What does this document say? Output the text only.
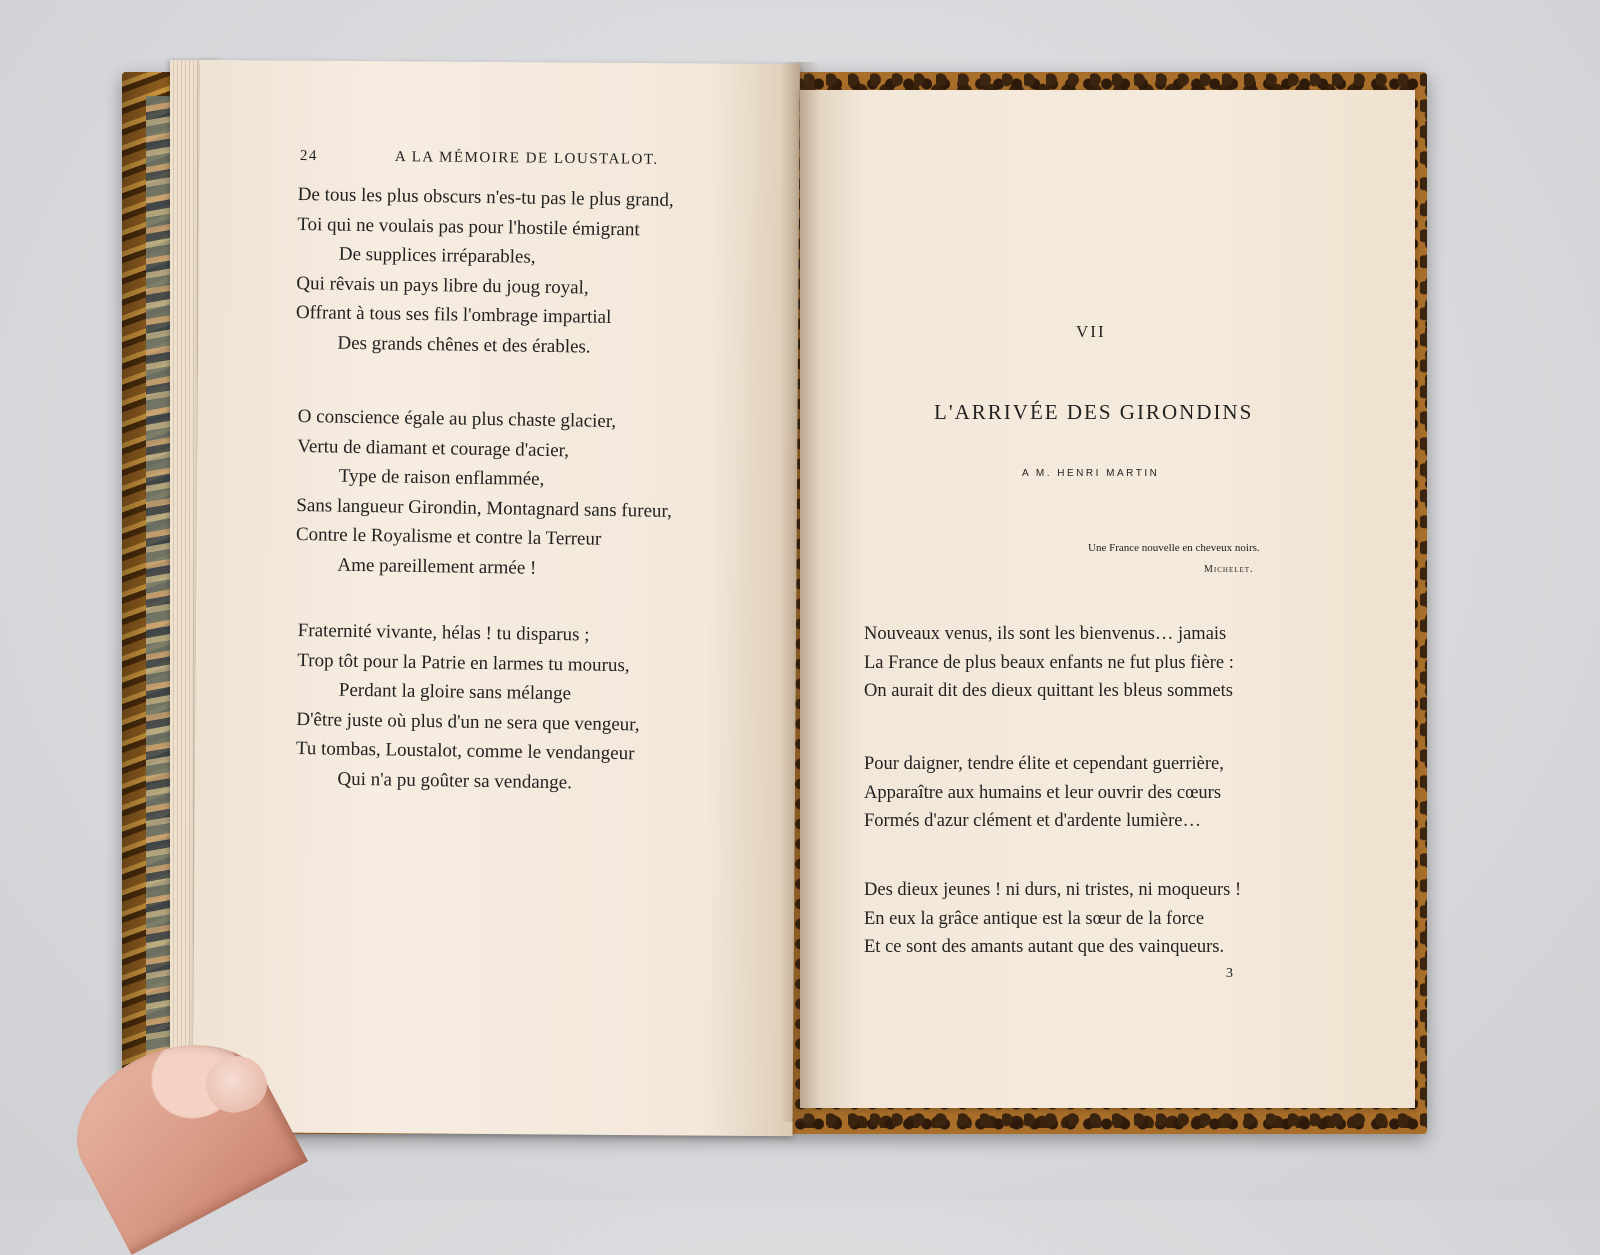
24	A LA MÉMOIRE DE LOUSTALOT.
De tous les plus obscurs n'es-tu pas le plus grand,
Toi qui ne voulais pas pour l'hostile émigrant
De supplices irréparables,
Qui rêvais un pays libre du joug royal,
Offrant à tous ses fils l'ombrage impartial
Des grands chênes et des érables.
O conscience égale au plus chaste glacier,
Vertu de diamant et courage d'acier,
Type de raison enflammée,
Sans langueur Girondin, Montagnard sans fureur,
Contre le Royalisme et contre la Terreur
Ame pareillement armée !
Fraternité vivante, hélas ! tu disparus ;
Trop tôt pour la Patrie en larmes tu mourus,
Perdant la gloire sans mélange
D'être juste où plus d'un ne sera que vengeur,
Tu tombas, Loustalot, comme le vendangeur
Qui n'a pu goûter sa vendange.
VII
L'ARRIVÉE DES GIRONDINS
A M. HENRI MARTIN
Une France nouvelle en cheveux noirs.
Michelet.
Nouveaux venus, ils sont les bienvenus… jamais
La France de plus beaux enfants ne fut plus fière :
On aurait dit des dieux quittant les bleus sommets
Pour daigner, tendre élite et cependant guerrière,
Apparaître aux humains et leur ouvrir des cœurs
Formés d'azur clément et d'ardente lumière…
Des dieux jeunes ! ni durs, ni tristes, ni moqueurs !
En eux la grâce antique est la sœur de la force
Et ce sont des amants autant que des vainqueurs.
3
